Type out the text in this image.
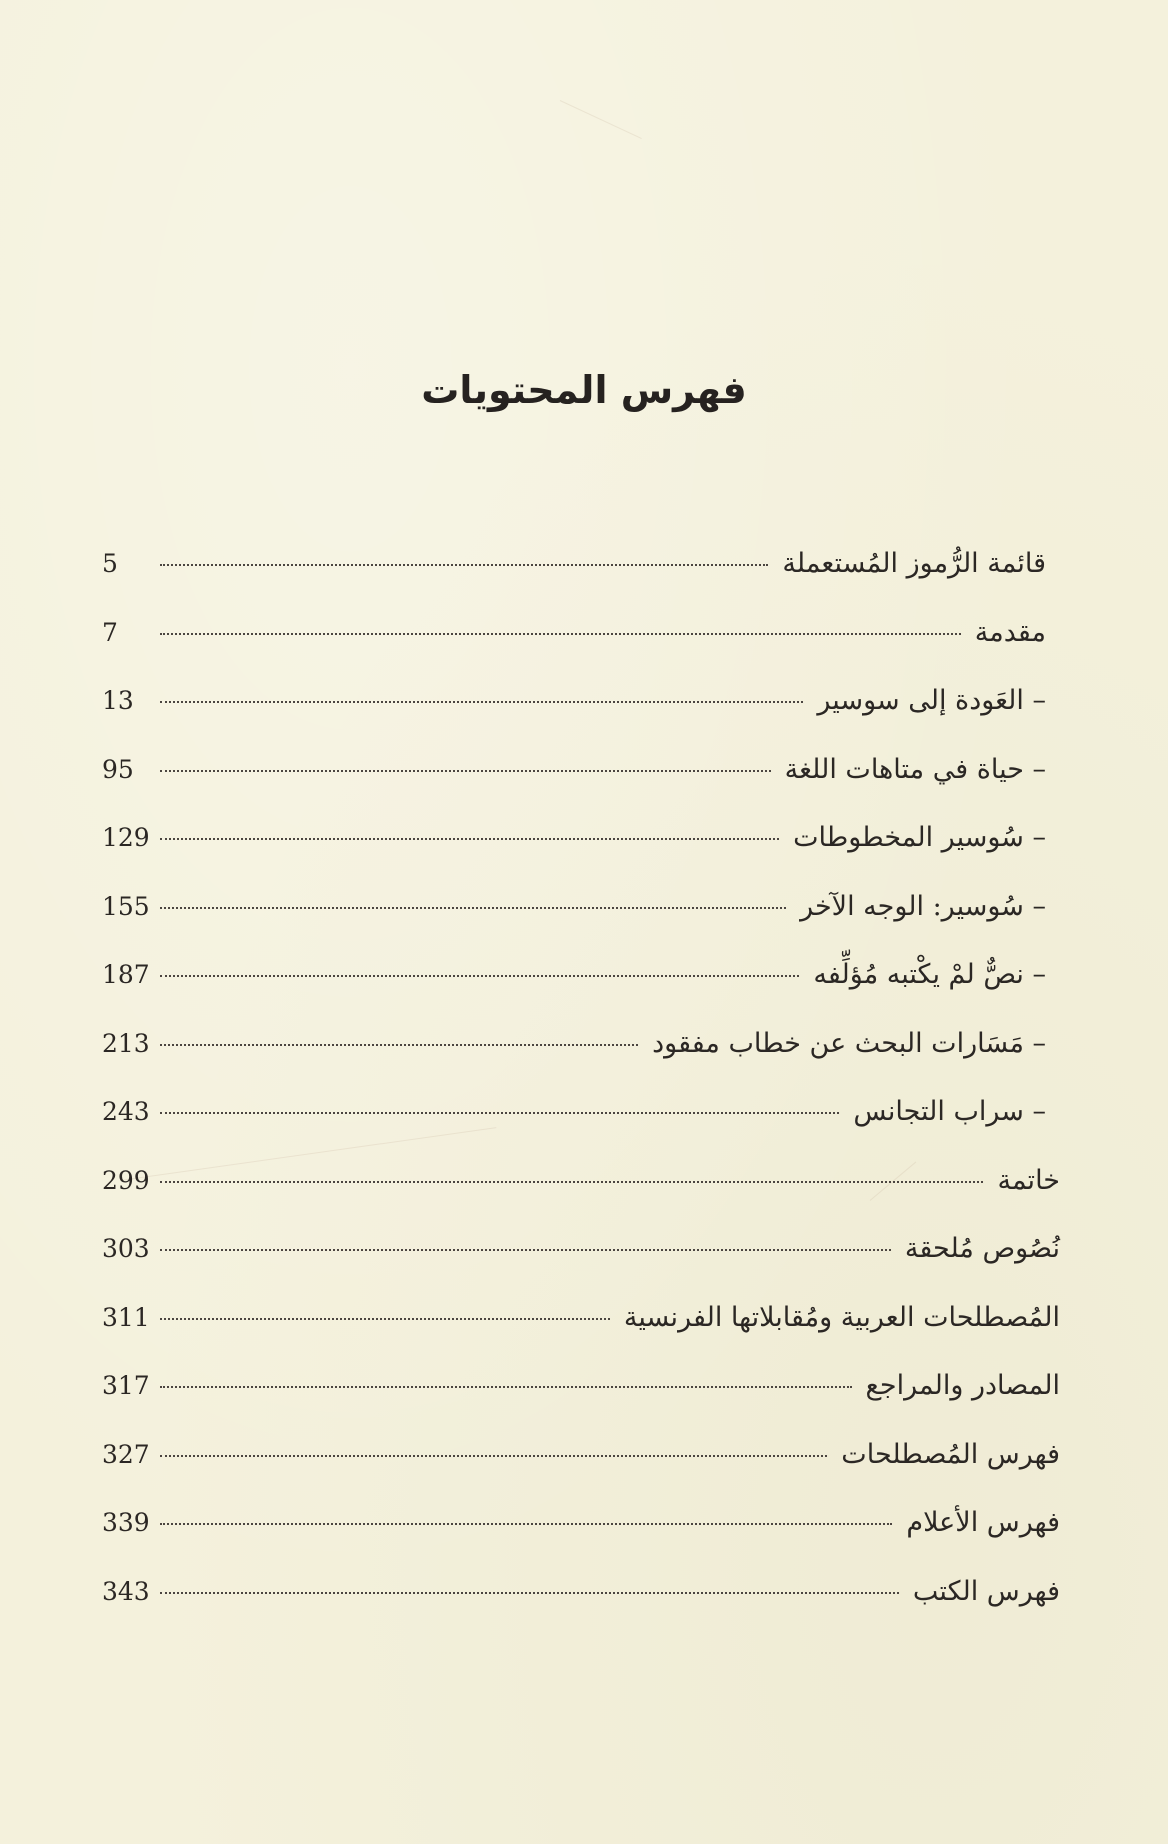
فهرس المحتويات
قائمة الرُّموز المُستعملة
5
مقدمة
7
– العَودة إلى سوسير
13
– حياة في متاهات اللغة
95
– سُوسير المخطوطات
129
– سُوسير: الوجه الآخر
155
– نصٌّ لمْ يكْتبه مُؤلِّفه
187
– مَسَارات البحث عن خطاب مفقود
213
– سراب التجانس
243
خاتمة
299
نُصُوص مُلحقة
303
المُصطلحات العربية ومُقابلاتها الفرنسية
311
المصادر والمراجع
317
فهرس المُصطلحات
327
فهرس الأعلام
339
فهرس الكتب
343
